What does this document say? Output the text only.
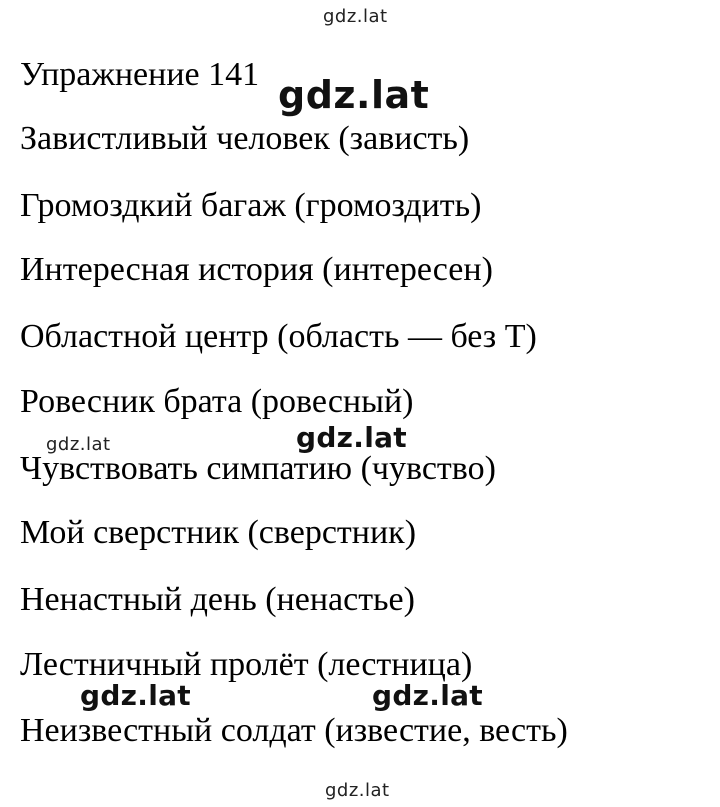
gdz.lat
Упражнение 141 gdz.lat
Завистливый человек (зависть)
Громоздкий багаж (громоздить)
Интересная история (интересен)
Областной центр (область — без Т)
Ровесник брата (ровесный)
gdz.lat	gdz.lat
Чувствовать симпатию (чувство)
Мой сверстник (сверстник)
Ненастный день (ненастье)
Лестничный пролёт (лестница)
gdz.lat	gdz.lat
Неизвестный солдат (известие, весть)
gdz.lat
